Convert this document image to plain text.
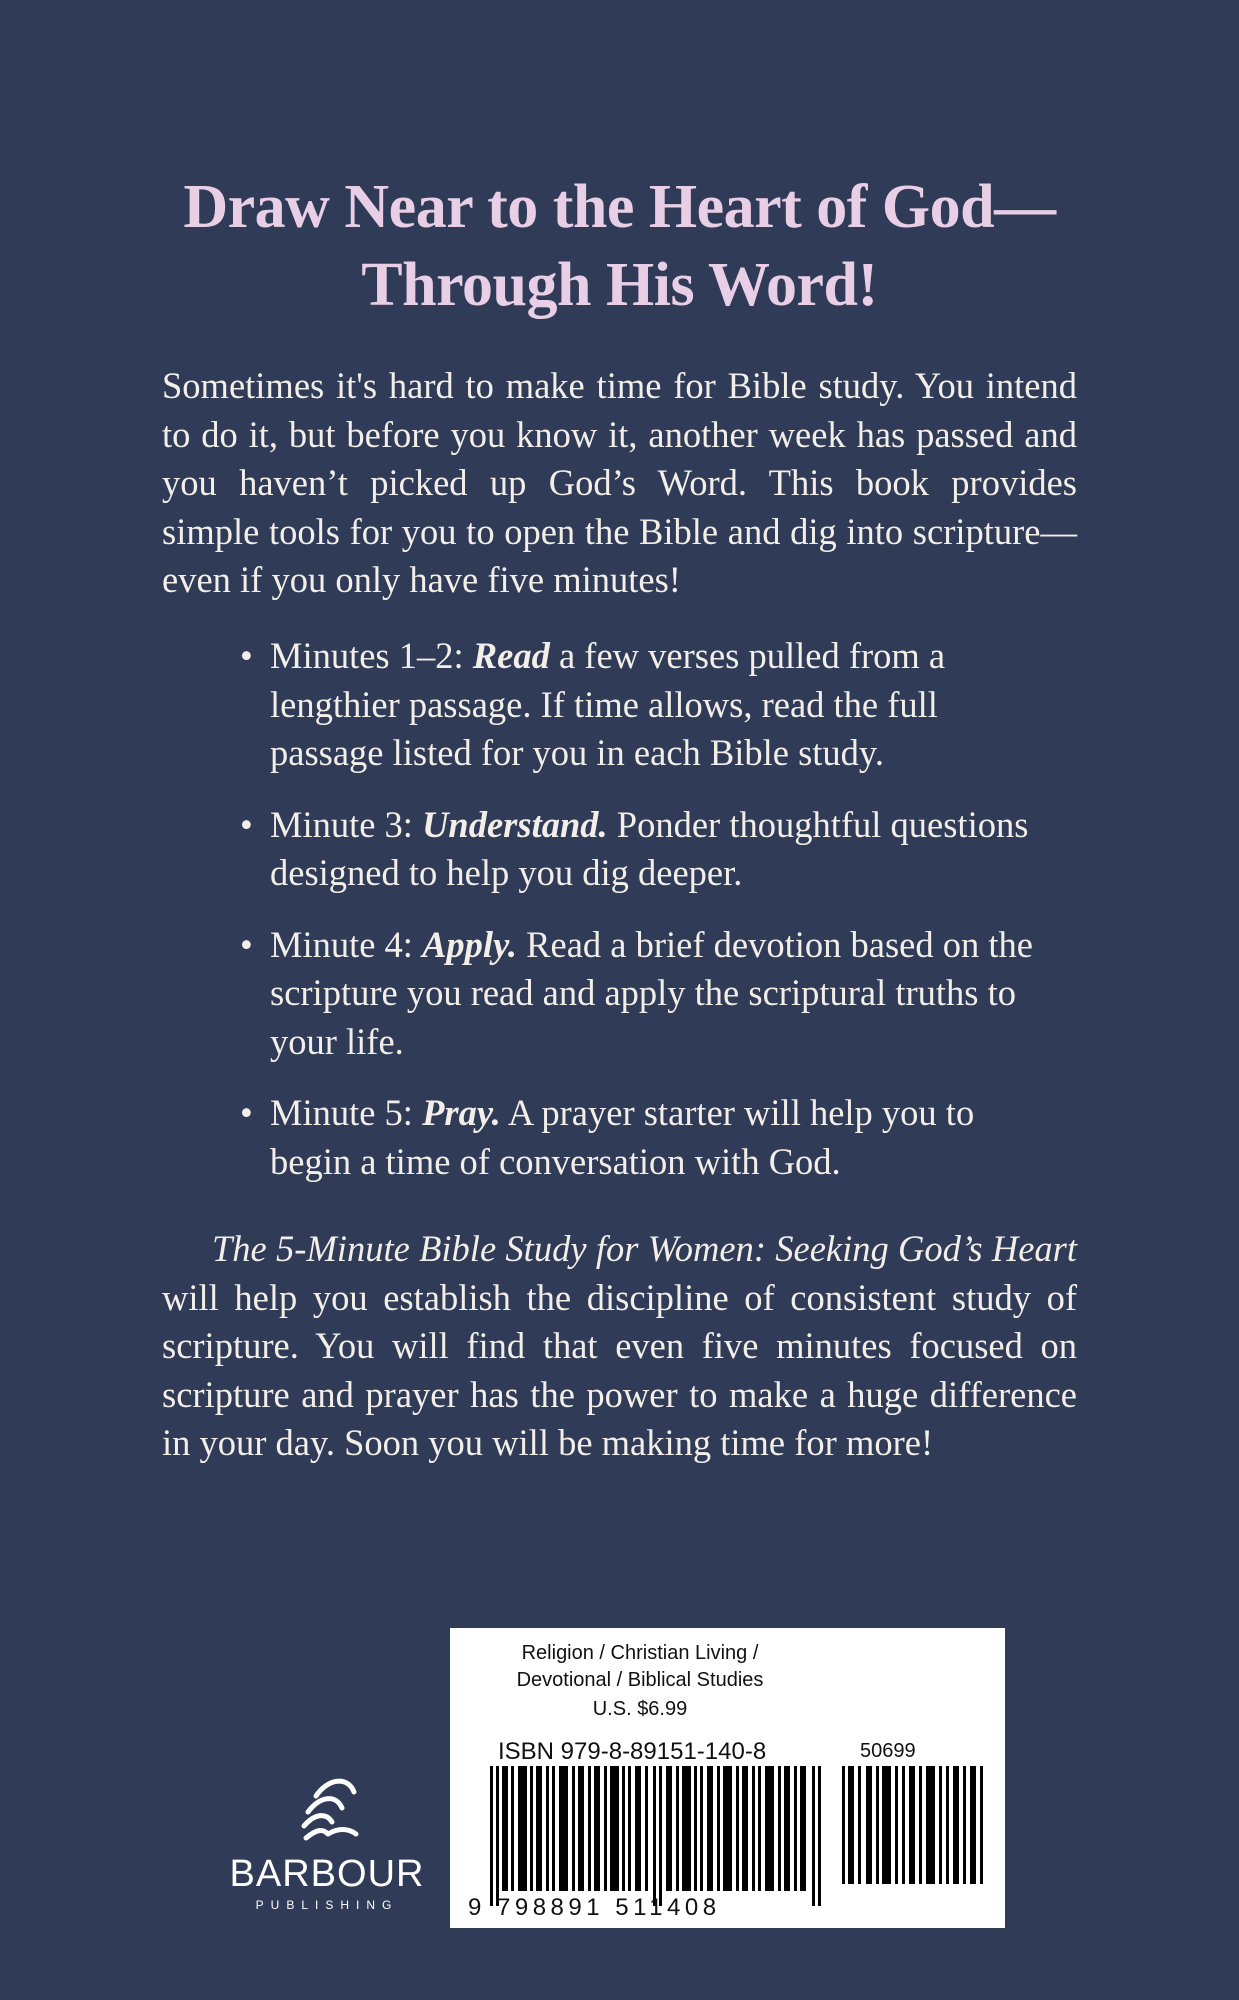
Draw Near to the Heart of God—
Through His Word!

Sometimes it's hard to make time for Bible study. You intend to do it, but before you know it, another week has passed and you haven’t picked up God’s Word. This book provides simple tools for you to open the Bible and dig into scripture—even if you only have five minutes!

• Minutes 1–2: Read a few verses pulled from a lengthier passage. If time allows, read the full passage listed for you in each Bible study.
• Minute 3: Understand. Ponder thoughtful questions designed to help you dig deeper.
• Minute 4: Apply. Read a brief devotion based on the scripture you read and apply the scriptural truths to your life.
• Minute 5: Pray. A prayer starter will help you to begin a time of conversation with God.

The 5-Minute Bible Study for Women: Seeking God’s Heart will help you establish the discipline of consistent study of scripture. You will find that even five minutes focused on scripture and prayer has the power to make a huge difference in your day. Soon you will be making time for more!

BARBOUR
PUBLISHING
Religion / Christian Living /
Devotional / Biblical Studies
U.S. $6.99
ISBN 979-8-89151-140-8	50699
9 798891 511408
